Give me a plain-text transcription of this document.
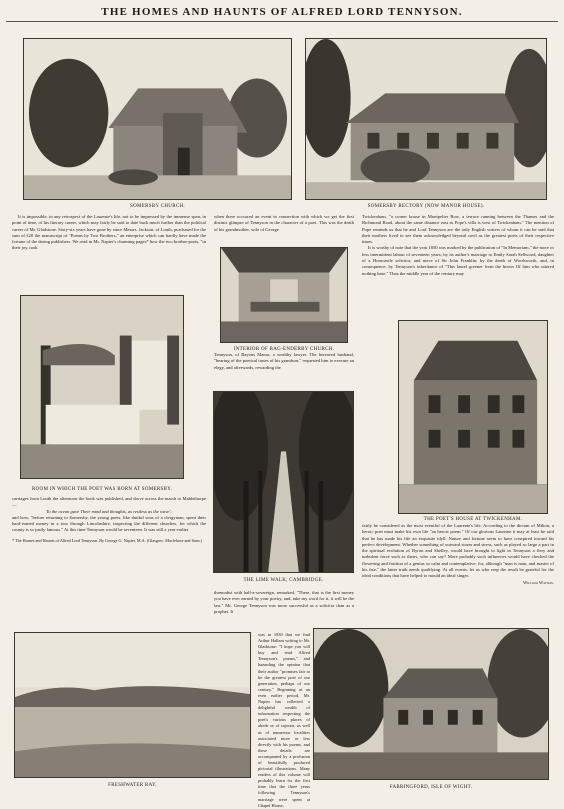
THE HOMES AND HAUNTS OF ALFRED LORD TENNYSON.
SOMERSBY CHURCH.	SOMERSBY RECTORY (NOW MANOR HOUSE).

It is impossible, in any retrospect of the Laureate's life, not to be impressed by the immense span, in point of time, of his literary career, which may fairly be said to date back much further than the political career of Mr. Gladstone. Sixty-six years have gone by since Messrs. Jackson, of Louth, purchased for the sum of £20 the manuscript of "Poems by Two Brothers," an enterprise which can hardly have made the fortune of the daring publishers. We read in Mr. Napier's charming pages* how the two brother-poets, "in their joy, took

when there occurred an event in connection with which we get the first distinct glimpse of Tennyson in the character of a poet. This was the death of his grandmother, wife of George

Twickenham, "a corner house in Montpelier Row, a terrace running between the Thames and the Richmond Road, about the same distance east as Pope's villa is west of Twickenham." The mention of Pope reminds us that he and Lord Tennyson are the only English writers of whom it can be said that their mothers lived to see them acknowledged beyond cavil as the greatest poets of their respective times.

It is worthy of note that the year 1850 was marked by the publication of "In Memoriam," the more or less intermittent labour of seventeen years; by its author's marriage to Emily Sarah Sellwood, daughter of a Horncastle solicitor, and niece of Sir John Franklin; by the death of Wordsworth, and, in consequence, by Tennyson's inheritance of "This laurel greener from the brows Of him who uttered nothing base." Thus the middle year of the century may

INTERIOR OF BAG-ENDERBY CHURCH.
ROOM IN WHICH THE POET WAS BORN AT SOMERSBY.

Tennyson, of Bayons Manor, a wealthy lawyer. The bereaved husband, "hearing of the poetical tastes of his grandson," requested him to execute an elegy, and afterwards, rewarding the

THE POET'S HOUSE AT TWICKENHAM.
THE LIME WALK, CAMBRIDGE.

carriages from Louth the afternoon the book was published, and drove across the marsh to Mablethorpe—

To the ocean gave Their mind and thoughts, as restless as the wave';

and how, "before returning to Somersby, the young poets, like dutiful sons of a clergyman, spent their hard-earned money in a tour through Lincolnshire, inspecting the different churches, for which the county is so justly famous." At this time Tennyson would be seventeen. It was still a year earlier

* The Homes and Haunts of Alfred Lord Tennyson. By George G. Napier, M.A. (Glasgow: Maclehose and Sons.)

fairly be considered as the most eventful of the Laureate's life. According to the dictum of Milton, a heroic poet must make his own life "an heroic poem." Of our glorious Laureate it may at least be said that he has made his life an exquisite idyll. Nature and fortune seem to have conspired toward his perfect development. Whether something of outward storm and stress, such as played so large a part in the spiritual evolution of Byron and Shelley, would have brought to light in Tennyson a fiery and turbulent force such as theirs, who can say? More probably such influences would have checked the flowering and fruition of a genius so calm and contemplative; for, although "man is man, and master of his fate," the latter truth needs qualifying. At all events, let us who reap the result be grateful for the ideal conditions that have helped to mould an ideal singer.

William Watson.

threnodist with half-a-sovereign, remarked, "There, that is the first money you have ever earned by your poetry, and, take my word for it, it will be the last." Mr. George Tennyson was more successful as a solicitor than as a prophet. It

was in 1830 that we find Arthur Hallam writing to Mr. Gladstone: "I hope you will buy and read Alfred Tennyson's poems," and hazarding the opinion that their author "promises fair to be the greatest poet of our generation, perhaps of our century." Beginning at an even earlier period, Mr. Napier has collected a delightful wealth of information respecting the poet's various places of abode or of sojourn, as well as of numerous localities associated more or less directly with his poems, and these details are accompanied by a profusion of beautifully produced pictorial illustrations. Many readers of this volume will probably learn for the first time that the three years following Tennyson's marriage were spent at Chapel House,

FRESHWATER BAY.	FARRINGFORD, ISLE OF WIGHT.
